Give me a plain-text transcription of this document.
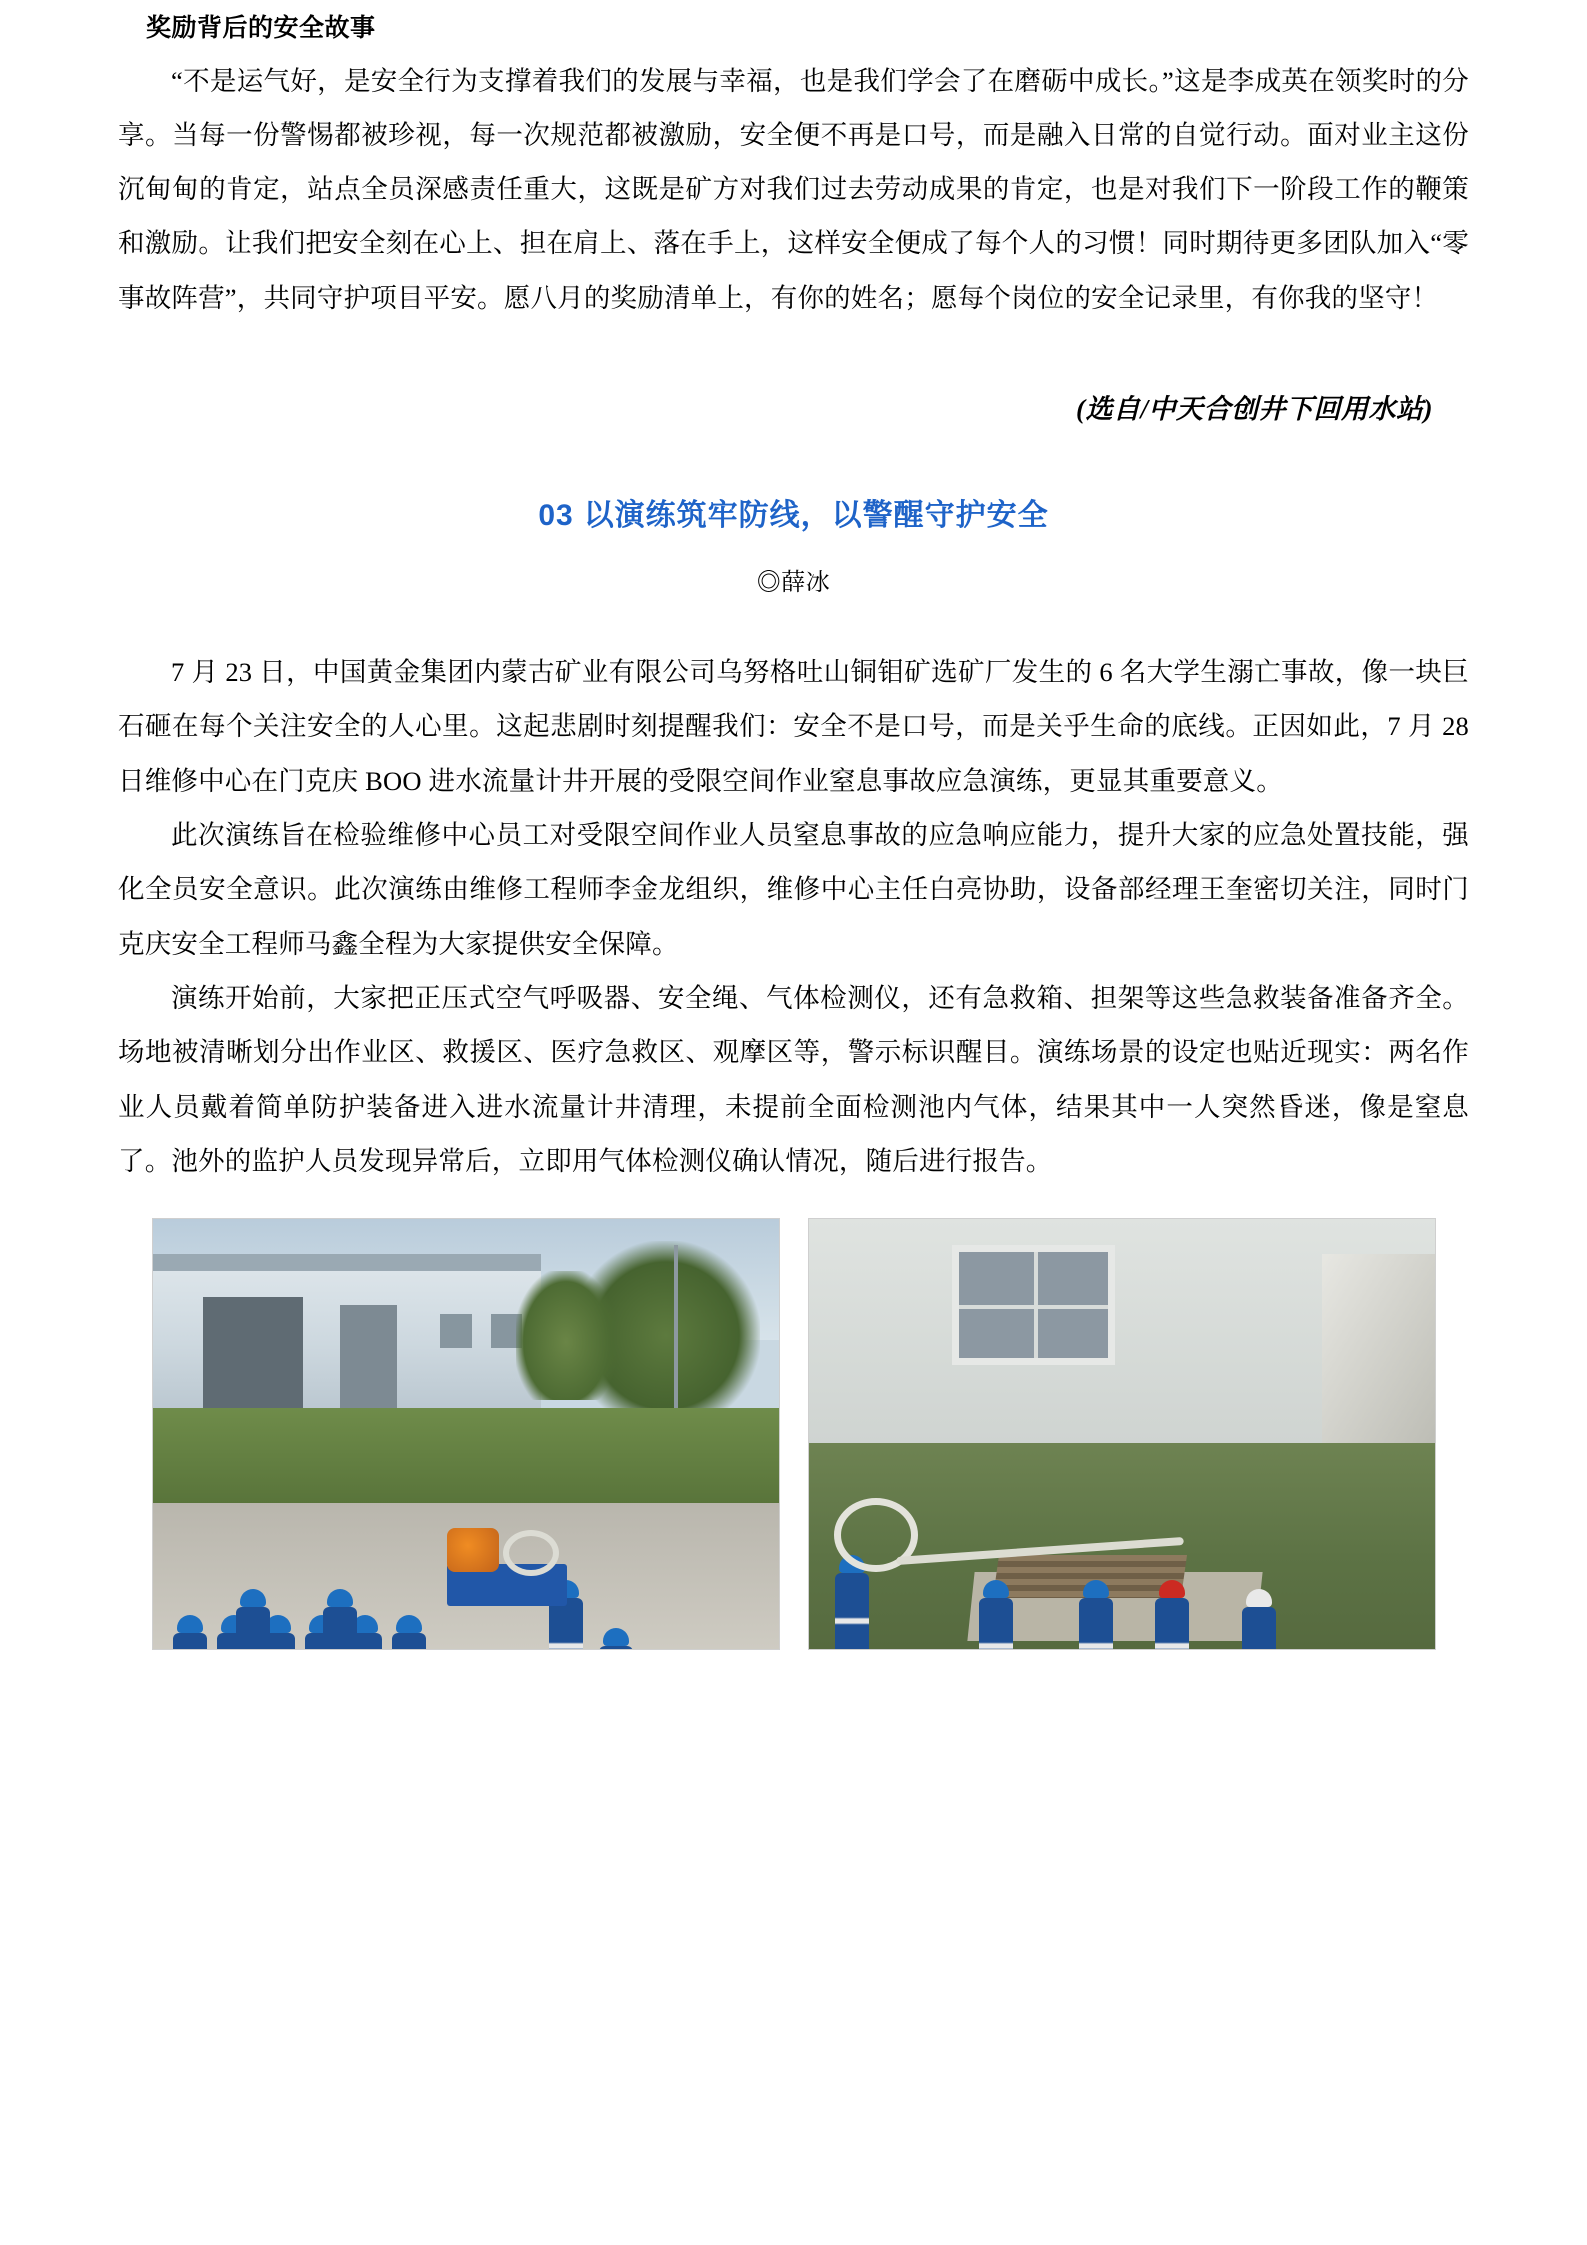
奖励背后的安全故事

“不是运气好，是安全行为支撑着我们的发展与幸福，也是我们学会了在磨砺中成长。”这是李成英在领奖时的分享。当每一份警惕都被珍视，每一次规范都被激励，安全便不再是口号，而是融入日常的自觉行动。面对业主这份沉甸甸的肯定，站点全员深感责任重大，这既是矿方对我们过去劳动成果的肯定，也是对我们下一阶段工作的鞭策和激励。让我们把安全刻在心上、担在肩上、落在手上，这样安全便成了每个人的习惯！同时期待更多团队加入“零事故阵营”，共同守护项目平安。愿八月的奖励清单上，有你的姓名；愿每个岗位的安全记录里，有你我的坚守！

(选自/中天合创井下回用水站)

03 以演练筑牢防线，以警醒守护安全

◎薛冰

7 月 23 日，中国黄金集团内蒙古矿业有限公司乌努格吐山铜钼矿选矿厂发生的 6 名大学生溺亡事故，像一块巨石砸在每个关注安全的人心里。这起悲剧时刻提醒我们：安全不是口号，而是关乎生命的底线。正因如此，7 月 28 日维修中心在门克庆 BOO 进水流量计井开展的受限空间作业窒息事故应急演练，更显其重要意义。

此次演练旨在检验维修中心员工对受限空间作业人员窒息事故的应急响应能力，提升大家的应急处置技能，强化全员安全意识。此次演练由维修工程师李金龙组织，维修中心主任白亮协助，设备部经理王奎密切关注，同时门克庆安全工程师马鑫全程为大家提供安全保障。

演练开始前，大家把正压式空气呼吸器、安全绳、气体检测仪，还有急救箱、担架等这些急救装备准备齐全。场地被清晰划分出作业区、救援区、医疗急救区、观摩区等，警示标识醒目。演练场景的设定也贴近现实：两名作业人员戴着简单防护装备进入进水流量计井清理，未提前全面检测池内气体，结果其中一人突然昏迷，像是窒息了。池外的监护人员发现异常后，立即用气体检测仪确认情况，随后进行报告。
